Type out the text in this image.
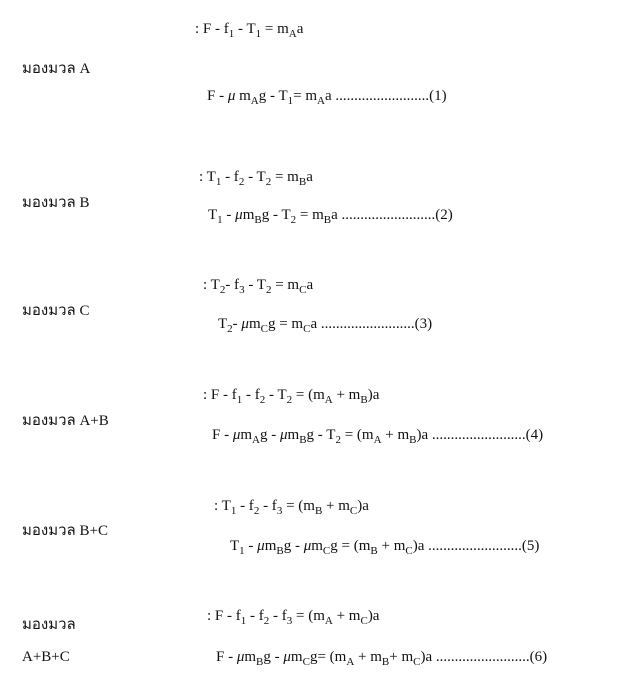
: $F - f_1 - T_1 = m_Aa$
มองมวล A
F - μ $m_Ag - T_1= m_Aa$ .........................(1)
: $T_1 - f_2 - T_2 = m_Ba$
มองมวล B
$T_1 - \mu m_Bg - T_2 = m_Ba$ .........................(2)
: $T_2-$ $f_3 - T_2 = m_Ca$
มองมวล C
$T_2-$ $\mu m_Cg = m_Ca$ .........................(3)
: $F - f_1 - f_2 - T_2 = (m_A + m_B)a$
มองมวล A+B
$F - \mu m_Ag - \mu m_Bg - T_2 = (m_A + m_B)a$ .........................(4)
: $T_1 - f_2 - f_3 = (m_B + m_C)a$
มองมวล B+C
$T_1 - \mu m_Bg - \mu m_Cg = (m_B + m_C)a$ .........................(5)
มองมวล
: $F - f_1 - f_2 - f_3 = (m_A + m_C)a$
A+B+C	$F - \mu m_Bg - \mu m_Cg= (m_A + m_B+ m_C)a$ .........................(6)
